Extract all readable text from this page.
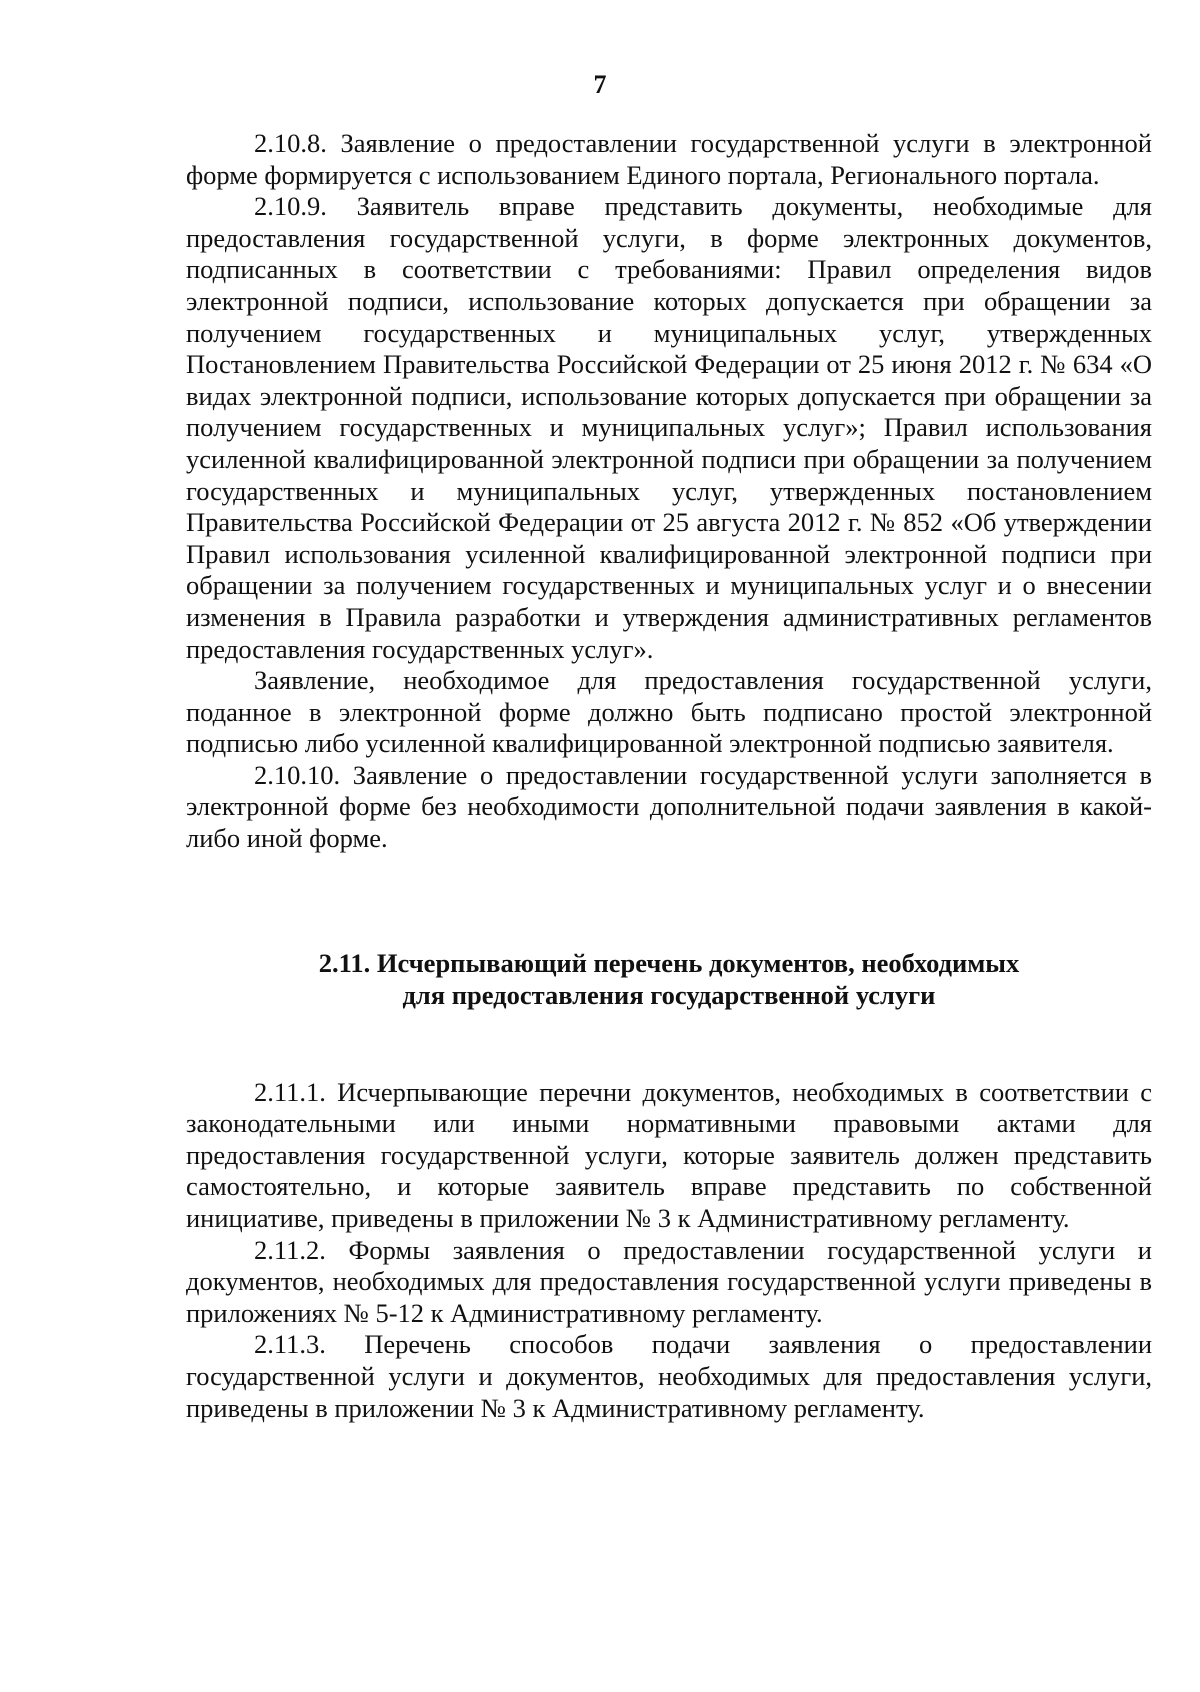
7

2.10.8. Заявление о предоставлении государственной услуги в электронной форме формируется с использованием Единого портала, Регионального портала.

2.10.9. Заявитель вправе представить документы, необходимые для предоставления государственной услуги, в форме электронных документов, подписанных в соответствии с требованиями: Правил определения видов электронной подписи, использование которых допускается при обращении за получением государственных и муниципальных услуг, утвержденных Постановлением Правительства Российской Федерации от 25 июня 2012 г. № 634 «О видах электронной подписи, использование которых допускается при обращении за получением государственных и муниципальных услуг»; Правил использования усиленной квалифицированной электронной подписи при обращении за получением государственных и муниципальных услуг, утвержденных постановлением Правительства Российской Федерации от 25 августа 2012 г. № 852 «Об утверждении Правил использования усиленной квалифицированной электронной подписи при обращении за получением государственных и муниципальных услуг и о внесении изменения в Правила разработки и утверждения административных регламентов предоставления государственных услуг».

Заявление, необходимое для предоставления государственной услуги, поданное в электронной форме должно быть подписано простой электронной подписью либо усиленной квалифицированной электронной подписью заявителя.

2.10.10. Заявление о предоставлении государственной услуги заполняется в электронной форме без необходимости дополнительной подачи заявления в какой-либо иной форме.

2.11. Исчерпывающий перечень документов, необходимых
для предоставления государственной услуги

2.11.1. Исчерпывающие перечни документов, необходимых в соответствии с законодательными или иными нормативными правовыми актами для предоставления государственной услуги, которые заявитель должен представить самостоятельно, и которые заявитель вправе представить по собственной инициативе, приведены в приложении № 3 к Административному регламенту.

2.11.2. Формы заявления о предоставлении государственной услуги и документов, необходимых для предоставления государственной услуги приведены в приложениях № 5-12 к Административному регламенту.

2.11.3. Перечень способов подачи заявления о предоставлении государственной услуги и документов, необходимых для предоставления услуги, приведены в приложении № 3 к Административному регламенту.
